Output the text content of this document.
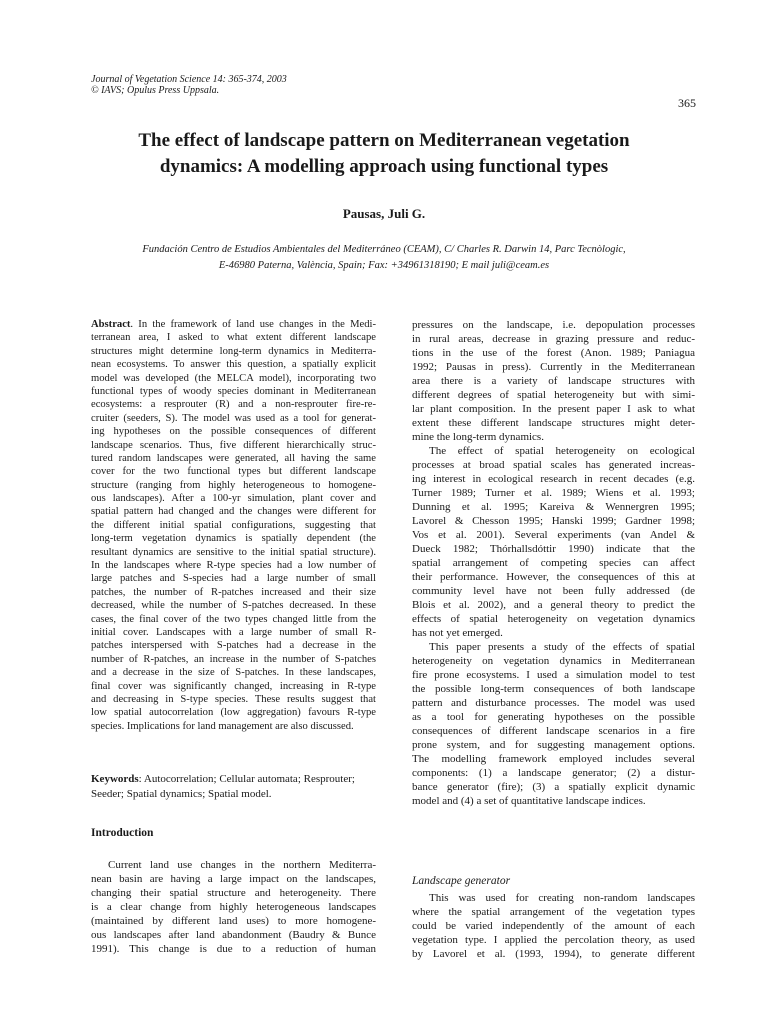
Journal of Vegetation Science 14: 365-374, 2003
© IAVS; Opulus Press Uppsala.
365
The effect of landscape pattern on Mediterranean vegetation
dynamics: A modelling approach using functional types
Pausas, Juli G.
Fundación Centro de Estudios Ambientales del Mediterráneo (CEAM), C/ Charles R. Darwin 14, Parc Tecnòlogic,
E-46980 Paterna, València, Spain; Fax: +34961318190; E mail juli@ceam.es
Abstract. In the framework of land use changes in the Medi-
terranean area, I asked to what extent different landscape
structures might determine long-term dynamics in Mediterra-
nean ecosystems. To answer this question, a spatially explicit
model was developed (the MELCA model), incorporating two
functional types of woody species dominant in Mediterranean
ecosystems: a resprouter (R) and a non-resprouter fire-re-
cruiter (seeders, S). The model was used as a tool for generat-
ing hypotheses on the possible consequences of different
landscape scenarios. Thus, five different hierarchically struc-
tured random landscapes were generated, all having the same
cover for the two functional types but different landscape
structure (ranging from highly heterogeneous to homogene-
ous landscapes). After a 100-yr simulation, plant cover and
spatial pattern had changed and the changes were different for
the different initial spatial configurations, suggesting that
long-term vegetation dynamics is spatially dependent (the
resultant dynamics are sensitive to the initial spatial structure).
In the landscapes where R-type species had a low number of
large patches and S-species had a large number of small
patches, the number of R-patches increased and their size
decreased, while the number of S-patches decreased. In these
cases, the final cover of the two types changed little from the
initial cover. Landscapes with a large number of small R-
patches interspersed with S-patches had a decrease in the
number of R-patches, an increase in the number of S-patches
and a decrease in the size of S-patches. In these landscapes,
final cover was significantly changed, increasing in R-type
and decreasing in S-type species. These results suggest that
low spatial autocorrelation (low aggregation) favours R-type
species. Implications for land management are also discussed.
Keywords: Autocorrelation; Cellular automata; Resprouter; Seeder; Spatial dynamics; Spatial model.
Introduction
Current land use changes in the northern Mediterra-
nean basin are having a large impact on the landscapes,
changing their spatial structure and heterogeneity. There
is a clear change from highly heterogeneous landscapes
(maintained by different land uses) to more homogene-
ous landscapes after land abandonment (Baudry & Bunce
1991). This change is due to a reduction of human
pressures on the landscape, i.e. depopulation processes
in rural areas, decrease in grazing pressure and reduc-
tions in the use of the forest (Anon. 1989; Paniagua
1992; Pausas in press). Currently in the Mediterranean
area there is a variety of landscape structures with
different degrees of spatial heterogeneity but with simi-
lar plant composition. In the present paper I ask to what
extent these different landscape structures might deter-
mine the long-term dynamics.
The effect of spatial heterogeneity on ecological
processes at broad spatial scales has generated increas-
ing interest in ecological research in recent decades (e.g.
Turner 1989; Turner et al. 1989; Wiens et al. 1993;
Dunning et al. 1995; Kareiva & Wennergren 1995;
Lavorel & Chesson 1995; Hanski 1999; Gardner 1998;
Vos et al. 2001). Several experiments (van Andel &
Dueck 1982; Thórhallsdóttir 1990) indicate that the
spatial arrangement of competing species can affect
their performance. However, the consequences of this at
community level have not been fully addressed (de
Blois et al. 2002), and a general theory to predict the
effects of spatial heterogeneity on vegetation dynamics
has not yet emerged.
This paper presents a study of the effects of spatial
heterogeneity on vegetation dynamics in Mediterranean
fire prone ecosystems. I used a simulation model to test
the possible long-term consequences of both landscape
pattern and disturbance processes. The model was used
as a tool for generating hypotheses on the possible
consequences of different landscape scenarios in a fire
prone system, and for suggesting management options.
The modelling framework employed includes several
components: (1) a landscape generator; (2) a distur-
bance generator (fire); (3) a spatially explicit dynamic
model and (4) a set of quantitative landscape indices.
Landscape generator
This was used for creating non-random landscapes
where the spatial arrangement of the vegetation types
could be varied independently of the amount of each
vegetation type. I applied the percolation theory, as used
by Lavorel et al. (1993, 1994), to generate different
